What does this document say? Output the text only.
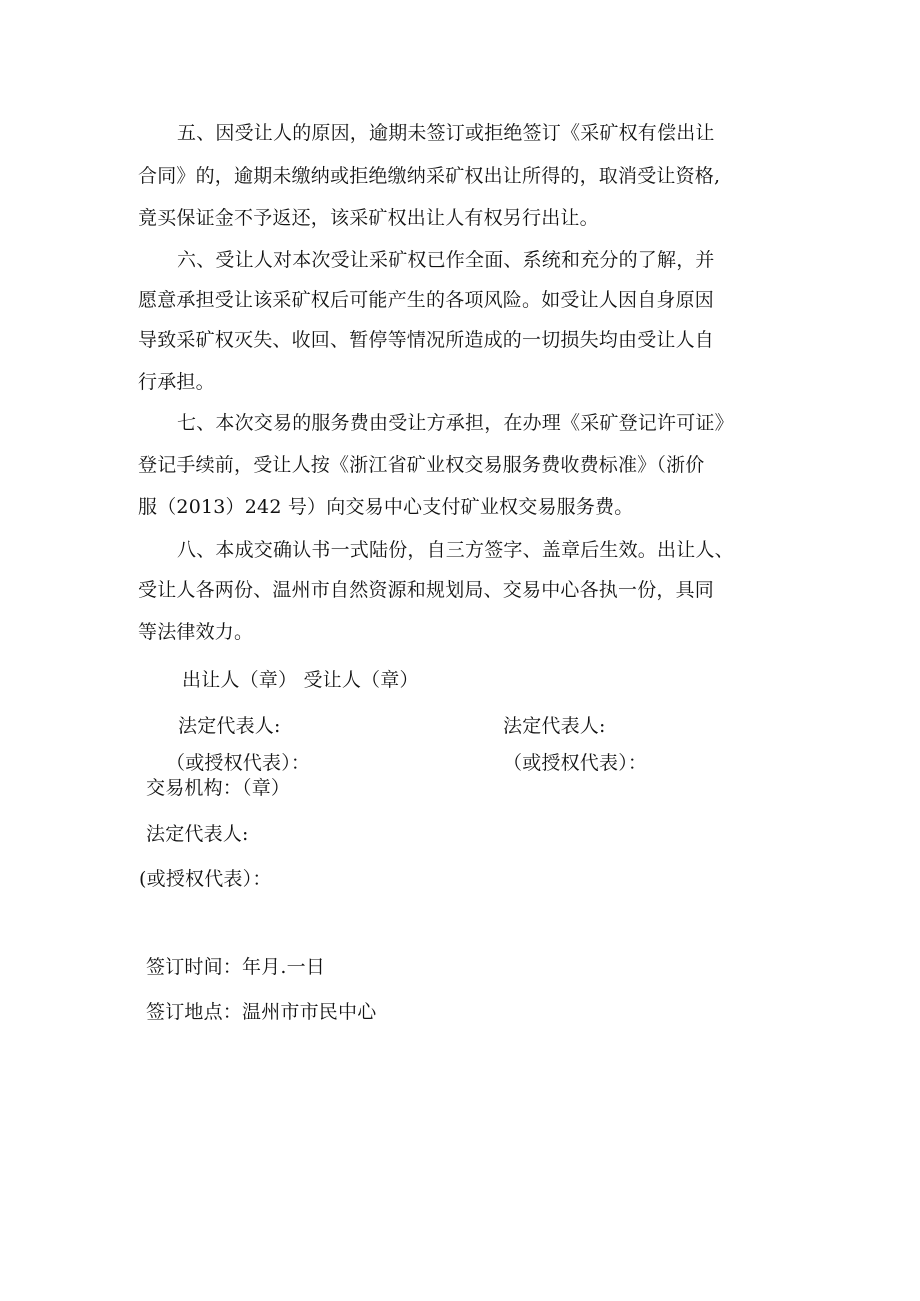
五、因受让人的原因，逾期未签订或拒绝签订《采矿权有偿出让
合同》的，逾期未缴纳或拒绝缴纳采矿权出让所得的，取消受让资格,
竟买保证金不予返还，该采矿权出让人有权另行出让。
六、受让人对本次受让采矿权已作全面、系统和充分的了解，并
愿意承担受让该采矿权后可能产生的各项风险。如受让人因自身原因
导致采矿权灭失、收回、暂停等情况所造成的一切损失均由受让人自
行承担。
七、本次交易的服务费由受让方承担，在办理《采矿登记许可证》
登记手续前，受让人按《浙江省矿业权交易服务费收费标准》（浙价
服（2013）242 号）向交易中心支付矿业权交易服务费。
八、本成交确认书一式陆份，自三方签字、盖章后生效。出让人、
受让人各两份、温州市自然资源和规划局、交易中心各执一份，具同
等法律效力。
出让人（章） 受让人（章）
法定代表人:	法定代表人:
（或授权代表）：	（或授权代表）：
交易机构：（章）
法定代表人:
(或授权代表）：
签订时间：年月.一日
签订地点：温州市市民中心
